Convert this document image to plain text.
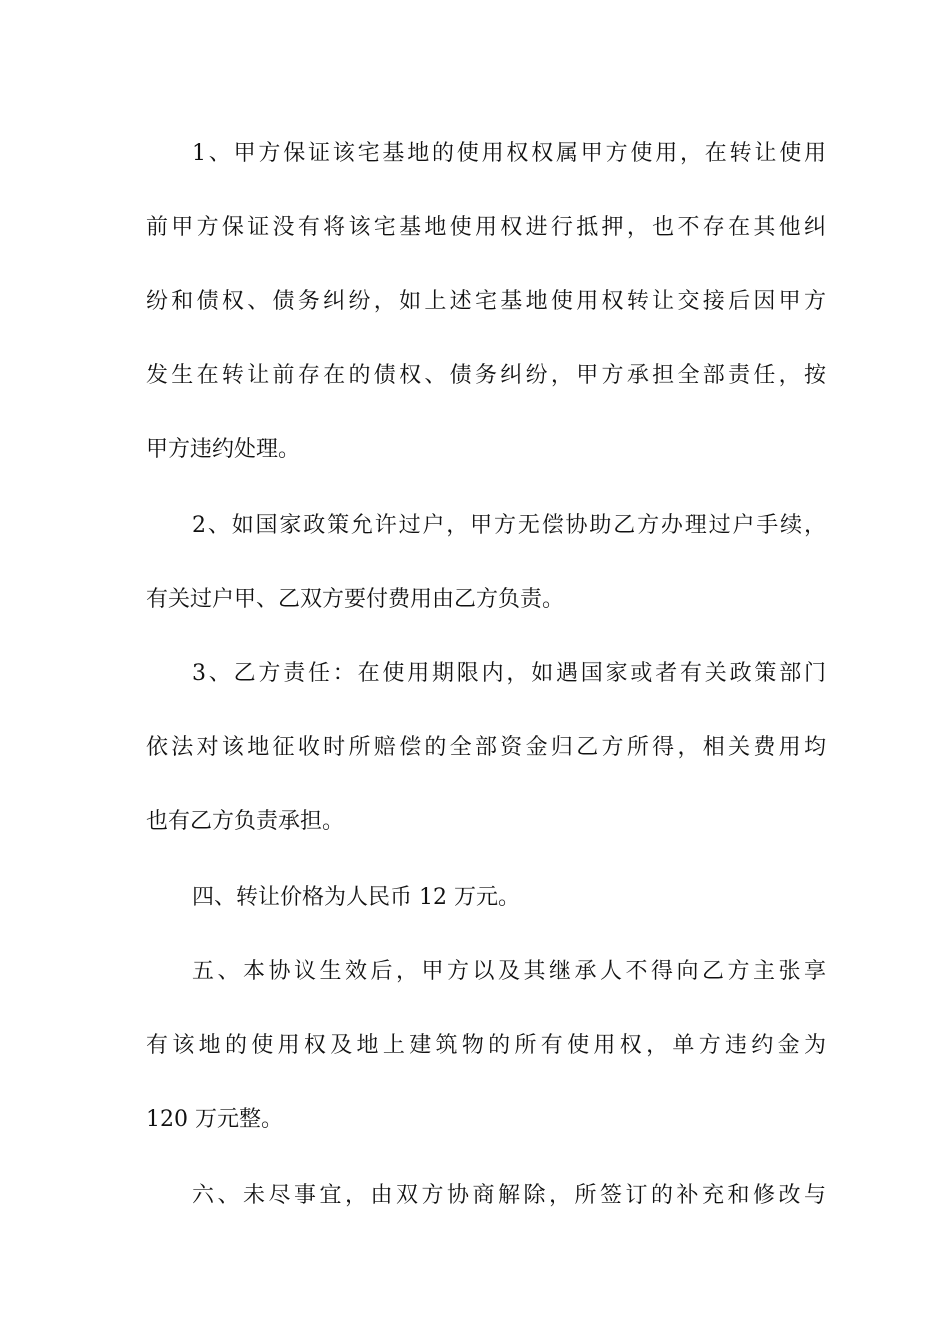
1、甲方保证该宅基地的使用权权属甲方使用，在转让使用
前甲方保证没有将该宅基地使用权进行抵押，也不存在其他纠
纷和债权、债务纠纷，如上述宅基地使用权转让交接后因甲方
发生在转让前存在的债权、债务纠纷，甲方承担全部责任，按
甲方违约处理。
2、如国家政策允许过户，甲方无偿协助乙方办理过户手续，
有关过户甲、乙双方要付费用由乙方负责。
3、乙方责任：在使用期限内，如遇国家或者有关政策部门
依法对该地征收时所赔偿的全部资金归乙方所得，相关费用均
也有乙方负责承担。
四、转让价格为人民币 12 万元。
五、本协议生效后，甲方以及其继承人不得向乙方主张享
有该地的使用权及地上建筑物的所有使用权，单方违约金为
120 万元整。
六、未尽事宜，由双方协商解除，所签订的补充和修改与
